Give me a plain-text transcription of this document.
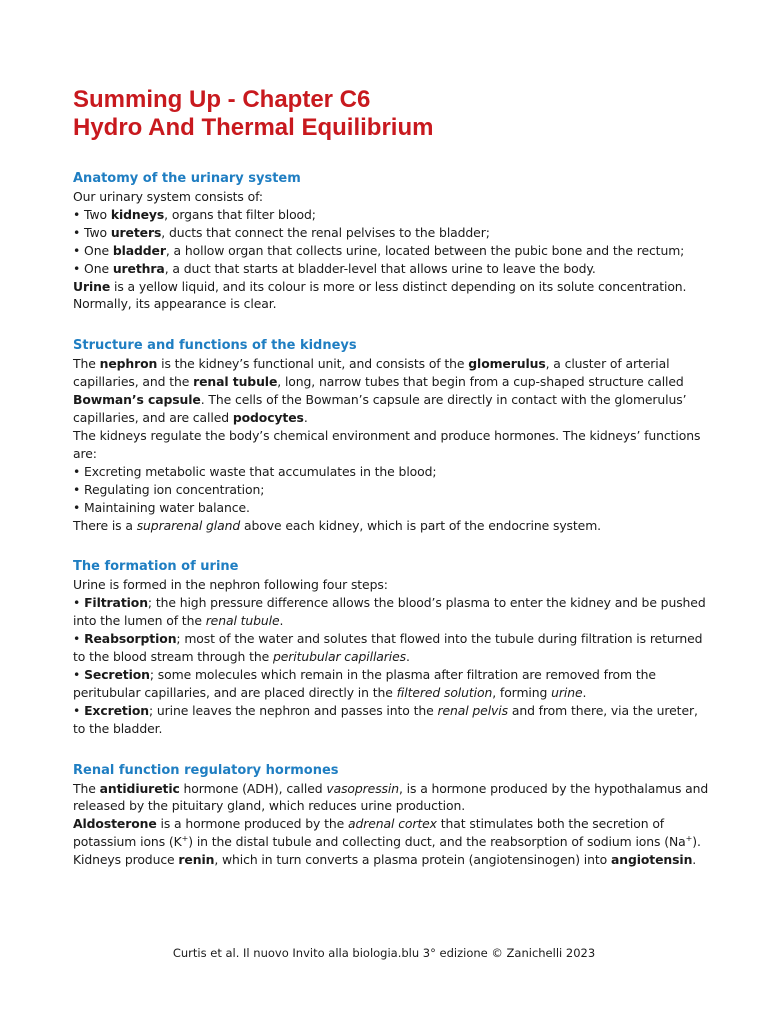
Summing Up - Chapter C6
Hydro And Thermal Equilibrium
Anatomy of the urinary system

Our urinary system consists of:

• Two kidneys, organs that filter blood;

• Two ureters, ducts that connect the renal pelvises to the bladder;

• One bladder, a hollow organ that collects urine, located between the pubic bone and the rectum;

• One urethra, a duct that starts at bladder-level that allows urine to leave the body.

Urine is a yellow liquid, and its colour is more or less distinct depending on its solute concentration. Normally, its appearance is clear.

Structure and functions of the kidneys

The nephron is the kidney’s functional unit, and consists of the glomerulus, a cluster of arterial capillaries, and the renal tubule, long, narrow tubes that begin from a cup-shaped structure called Bowman’s capsule. The cells of the Bowman’s capsule are directly in contact with the glomerulus’ capillaries, and are called podocytes.

The kidneys regulate the body’s chemical environment and produce hormones. The kidneys’ functions are:

• Excreting metabolic waste that accumulates in the blood;

• Regulating ion concentration;

• Maintaining water balance.

There is a suprarenal gland above each kidney, which is part of the endocrine system.

The formation of urine

Urine is formed in the nephron following four steps:

• Filtration; the high pressure difference allows the blood’s plasma to enter the kidney and be pushed into the lumen of the renal tubule.

• Reabsorption; most of the water and solutes that flowed into the tubule during filtration is returned to the blood stream through the peritubular capillaries.

• Secretion; some molecules which remain in the plasma after filtration are removed from the peritubular capillaries, and are placed directly in the filtered solution, forming urine.

• Excretion; urine leaves the nephron and passes into the renal pelvis and from there, via the ureter, to the bladder.

Renal function regulatory hormones

The antidiuretic hormone (ADH), called vasopressin, is a hormone produced by the hypothalamus and released by the pituitary gland, which reduces urine production.

Aldosterone is a hormone produced by the adrenal cortex that stimulates both the secretion of potassium ions (K+) in the distal tubule and collecting duct, and the reabsorption of sodium ions (Na+).

Kidneys produce renin, which in turn converts a plasma protein (angiotensinogen) into angiotensin.

Curtis et al. Il nuovo Invito alla biologia.blu 3° edizione © Zanichelli 2023
